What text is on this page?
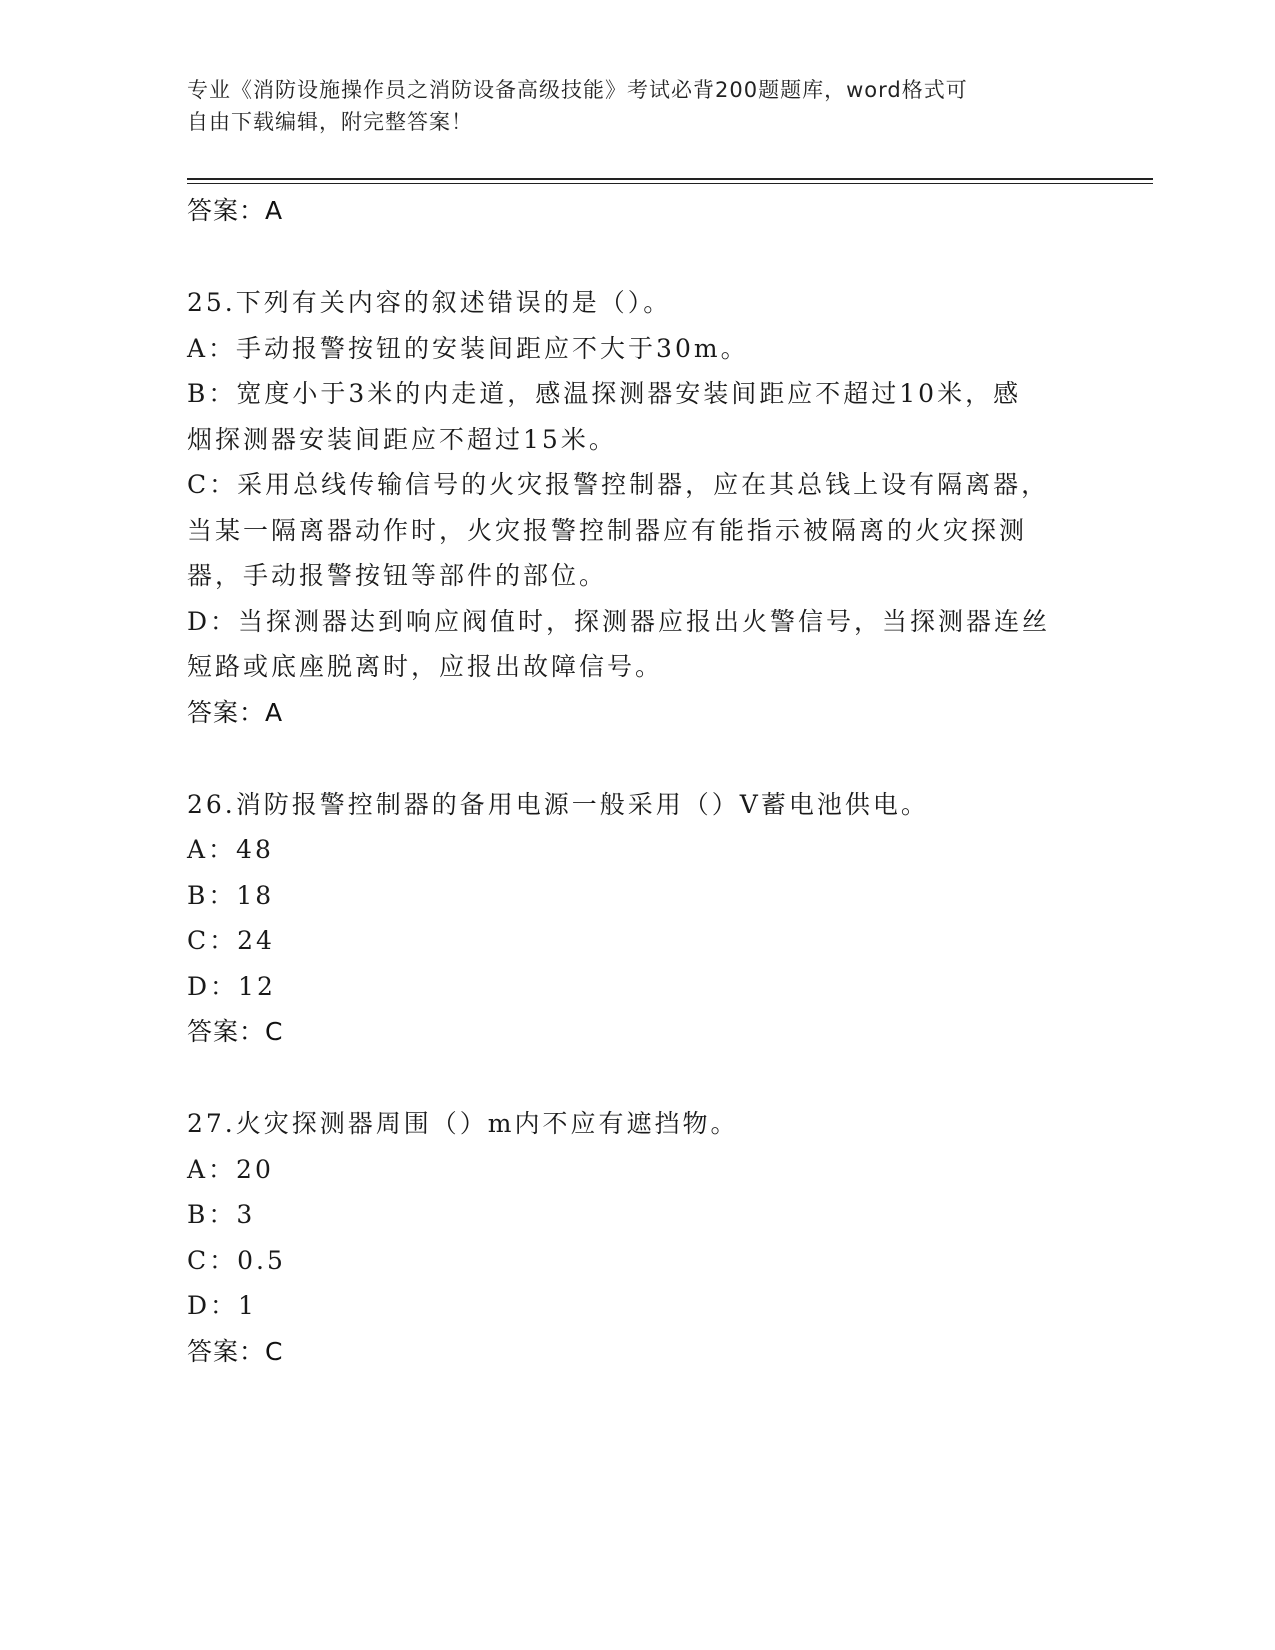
专业《消防设施操作员之消防设备高级技能》考试必背200题题库，word格式可
自由下载编辑，附完整答案！

答案：A

25.下列有关内容的叙述错误的是（）。

A：手动报警按钮的安装间距应不大于30m。

B：宽度小于3米的内走道，感温探测器安装间距应不超过10米，感

烟探测器安装间距应不超过15米。

C：采用总线传输信号的火灾报警控制器，应在其总钱上设有隔离器，

当某一隔离器动作时，火灾报警控制器应有能指示被隔离的火灾探测

器，手动报警按钮等部件的部位。

D：当探测器达到响应阀值时，探测器应报出火警信号，当探测器连丝

短路或底座脱离时，应报出故障信号。

答案：A

26.消防报警控制器的备用电源一般采用（）V蓄电池供电。

A：48

B：18

C：24

D：12

答案：C

27.火灾探测器周围（）m内不应有遮挡物。

A：20

B：3

C：0.5

D：1

答案：C
